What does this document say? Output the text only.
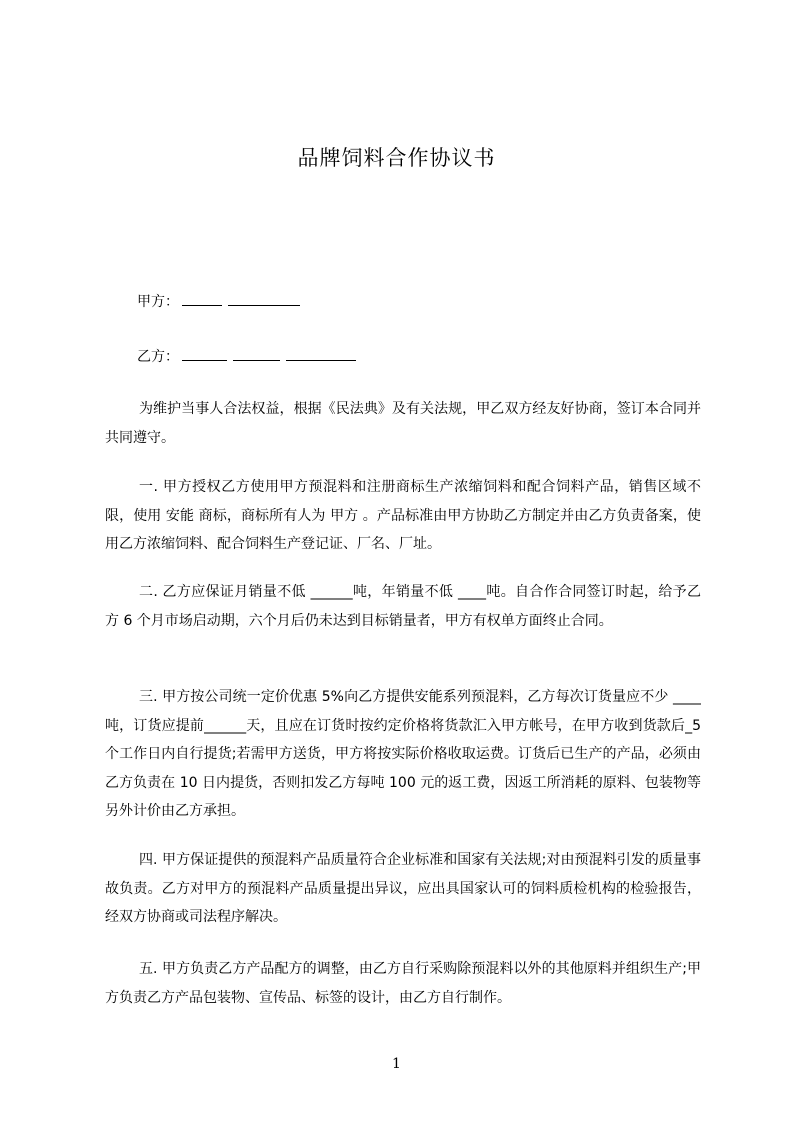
品牌饲料合作协议书
甲方：
乙方：
为维护当事人合法权益，根据《民法典》及有关法规，甲乙双方经友好协商，签订本合同并共同遵守。
一. 甲方授权乙方使用甲方预混料和注册商标生产浓缩饲料和配合饲料产品，销售区域不限，使用 安能 商标，商标所有人为 甲方 。产品标准由甲方协助乙方制定并由乙方负责备案，使用乙方浓缩饲料、配合饲料生产登记证、厂名、厂址。
二. 乙方应保证月销量不低 ______吨，年销量不低 ____吨。自合作合同签订时起，给予乙方 6 个月市场启动期，六个月后仍未达到目标销量者，甲方有权单方面终止合同。
三. 甲方按公司统一定价优惠 5%向乙方提供安能系列预混料，乙方每次订货量应不少 ____吨，订货应提前______天，且应在订货时按约定价格将货款汇入甲方帐号，在甲方收到货款后_5 个工作日内自行提货;若需甲方送货，甲方将按实际价格收取运费。订货后已生产的产品，必须由乙方负责在 10 日内提货，否则扣发乙方每吨 100 元的返工费，因返工所消耗的原料、包装物等另外计价由乙方承担。
四. 甲方保证提供的预混料产品质量符合企业标准和国家有关法规;对由预混料引发的质量事故负责。乙方对甲方的预混料产品质量提出异议，应出具国家认可的饲料质检机构的检验报告，经双方协商或司法程序解决。
五. 甲方负责乙方产品配方的调整，由乙方自行采购除预混料以外的其他原料并组织生产;甲方负责乙方产品包装物、宣传品、标签的设计，由乙方自行制作。
1
